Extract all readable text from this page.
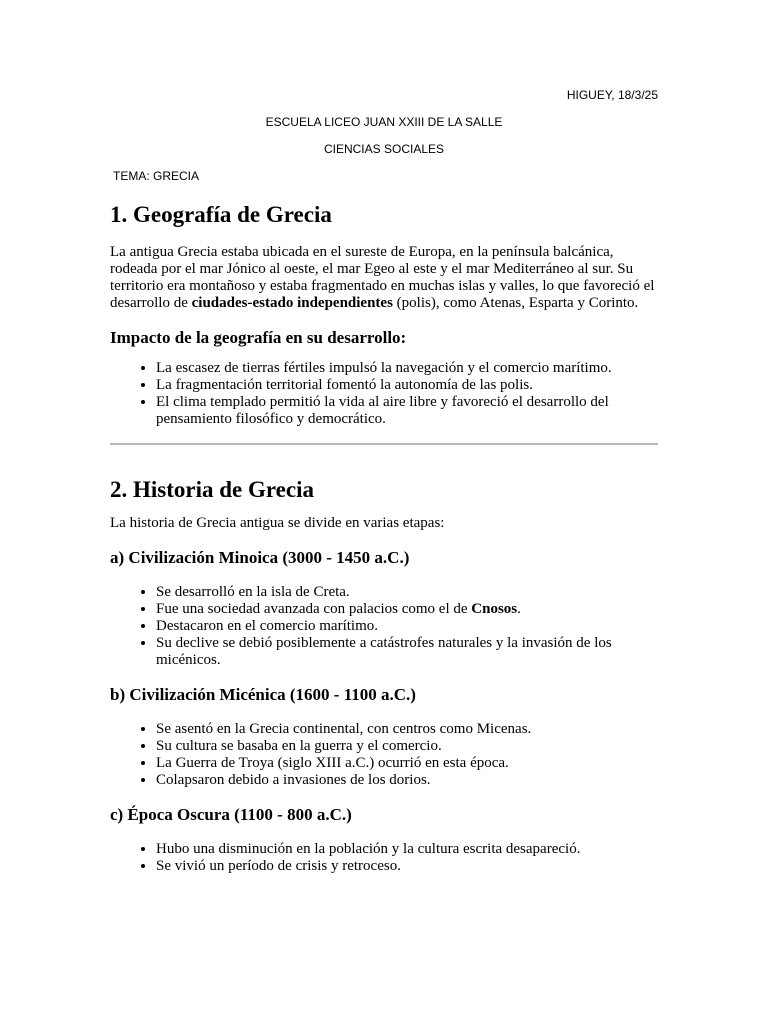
HIGUEY, 18/3/25
ESCUELA LICEO JUAN XXIII DE LA SALLE
CIENCIAS SOCIALES
TEMA: GRECIA
1. Geografía de Grecia

La antigua Grecia estaba ubicada en el sureste de Europa, en la península balcánica, rodeada por el mar Jónico al oeste, el mar Egeo al este y el mar Mediterráneo al sur. Su territorio era montañoso y estaba fragmentado en muchas islas y valles, lo que favoreció el desarrollo de ciudades-estado independientes (polis), como Atenas, Esparta y Corinto.

Impacto de la geografía en su desarrollo:
• La escasez de tierras fértiles impulsó la navegación y el comercio marítimo.
• La fragmentación territorial fomentó la autonomía de las polis.
• El clima templado permitió la vida al aire libre y favoreció el desarrollo del pensamiento filosófico y democrático.
2. Historia de Grecia

La historia de Grecia antigua se divide en varias etapas:

a) Civilización Minoica (3000 - 1450 a.C.)
• Se desarrolló en la isla de Creta.
• Fue una sociedad avanzada con palacios como el de Cnosos.
• Destacaron en el comercio marítimo.
• Su declive se debió posiblemente a catástrofes naturales y la invasión de los micénicos.
b) Civilización Micénica (1600 - 1100 a.C.)
• Se asentó en la Grecia continental, con centros como Micenas.
• Su cultura se basaba en la guerra y el comercio.
• La Guerra de Troya (siglo XIII a.C.) ocurrió en esta época.
• Colapsaron debido a invasiones de los dorios.
c) Época Oscura (1100 - 800 a.C.)
• Hubo una disminución en la población y la cultura escrita desapareció.
• Se vivió un período de crisis y retroceso.
